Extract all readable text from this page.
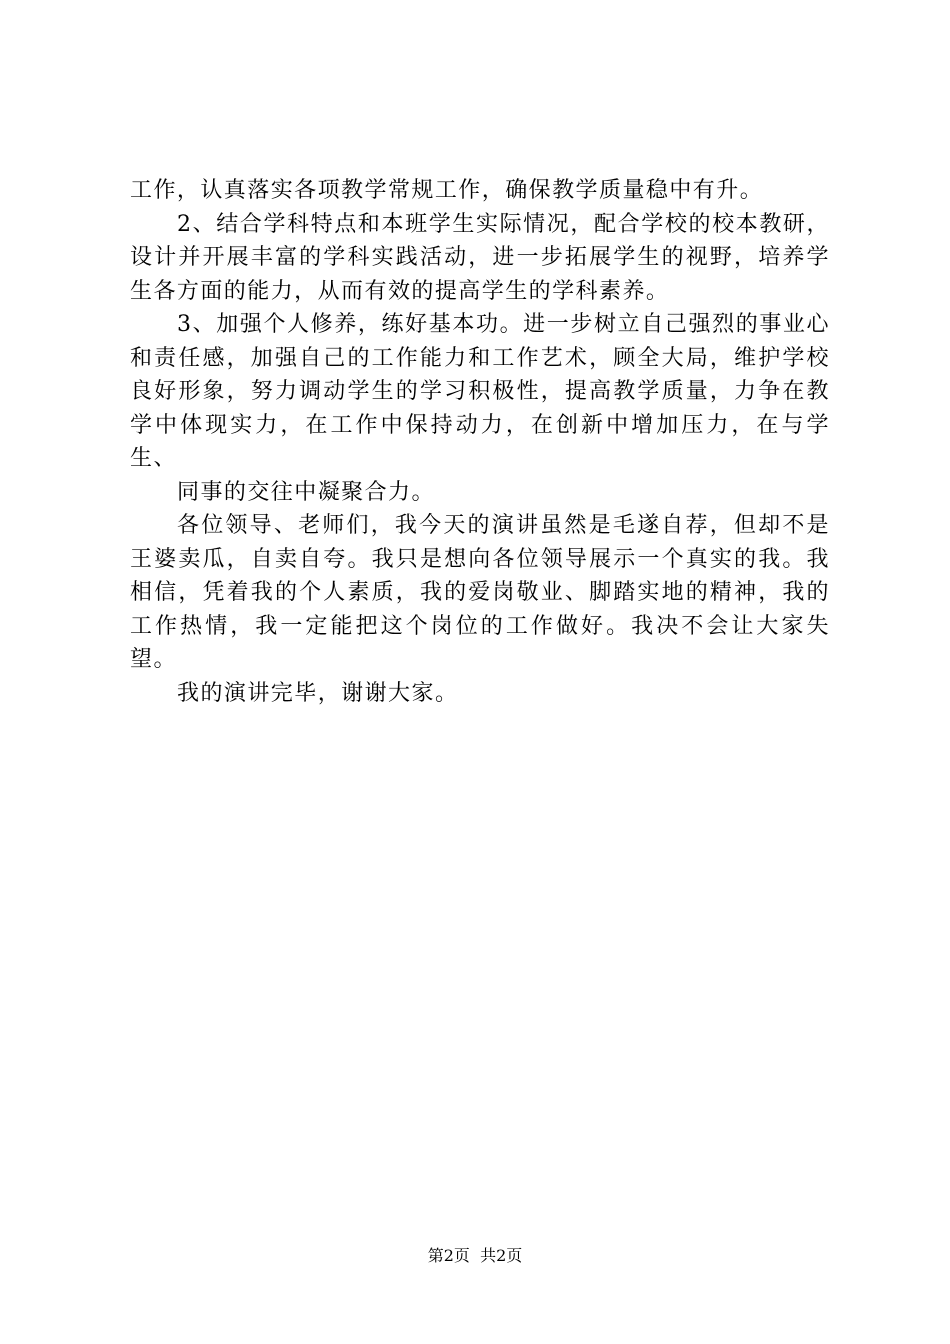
工作，认真落实各项教学常规工作，确保教学质量稳中有升。

2、结合学科特点和本班学生实际情况，配合学校的校本教研，设计并开展丰富的学科实践活动，进一步拓展学生的视野，培养学生各方面的能力，从而有效的提高学生的学科素养。

3、加强个人修养，练好基本功。进一步树立自己强烈的事业心和责任感，加强自己的工作能力和工作艺术，顾全大局，维护学校良好形象，努力调动学生的学习积极性，提高教学质量，力争在教学中体现实力，在工作中保持动力，在创新中增加压力，在与学生、

同事的交往中凝聚合力。

各位领导、老师们，我今天的演讲虽然是毛遂自荐，但却不是王婆卖瓜，自卖自夸。我只是想向各位领导展示一个真实的我。我相信，凭着我的个人素质，我的爱岗敬业、脚踏实地的精神，我的工作热情，我一定能把这个岗位的工作做好。我决不会让大家失望。

我的演讲完毕，谢谢大家。

第2页 共2页
